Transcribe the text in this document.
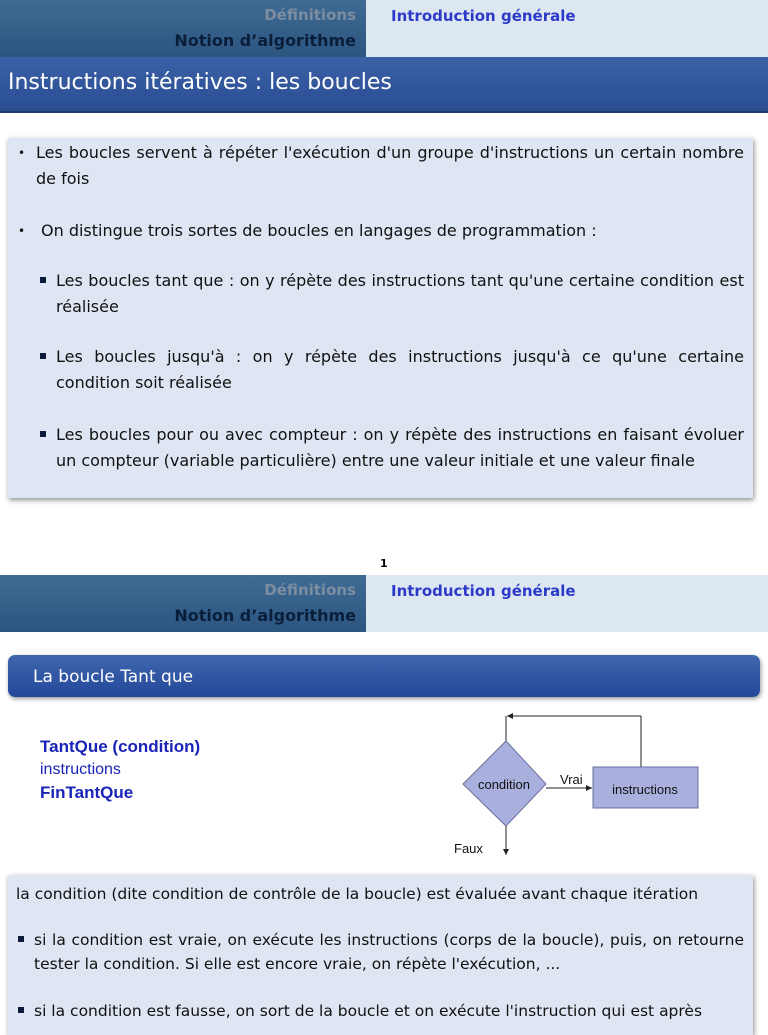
Définitions
Notion d’algorithme
Introduction générale
Instructions itératives : les boucles
• Les boucles servent à répéter l'exécution d'un groupe d'instructions un certain nombre de fois
• On distingue trois sortes de boucles en langages de programmation :
Les boucles tant que : on y répète des instructions tant qu'une certaine condition est réalisée
Les boucles jusqu'à : on y répète des instructions jusqu'à ce qu'une certaine condition soit réalisée
Les boucles pour ou avec compteur : on y répète des instructions en faisant évoluer un compteur (variable particulière) entre une valeur initiale et une valeur finale
1
Définitions
Notion d’algorithme
Introduction générale
La boucle Tant que
TantQue (condition)
instructions
FinTantQue	condition Vrai
instructions
Faux
la condition (dite condition de contrôle de la boucle) est évaluée avant chaque itération
si la condition est vraie, on exécute les instructions (corps de la boucle), puis, on retourne tester la condition. Si elle est encore vraie, on répète l'exécution, ...
si la condition est fausse, on sort de la boucle et on exécute l'instruction qui est après
